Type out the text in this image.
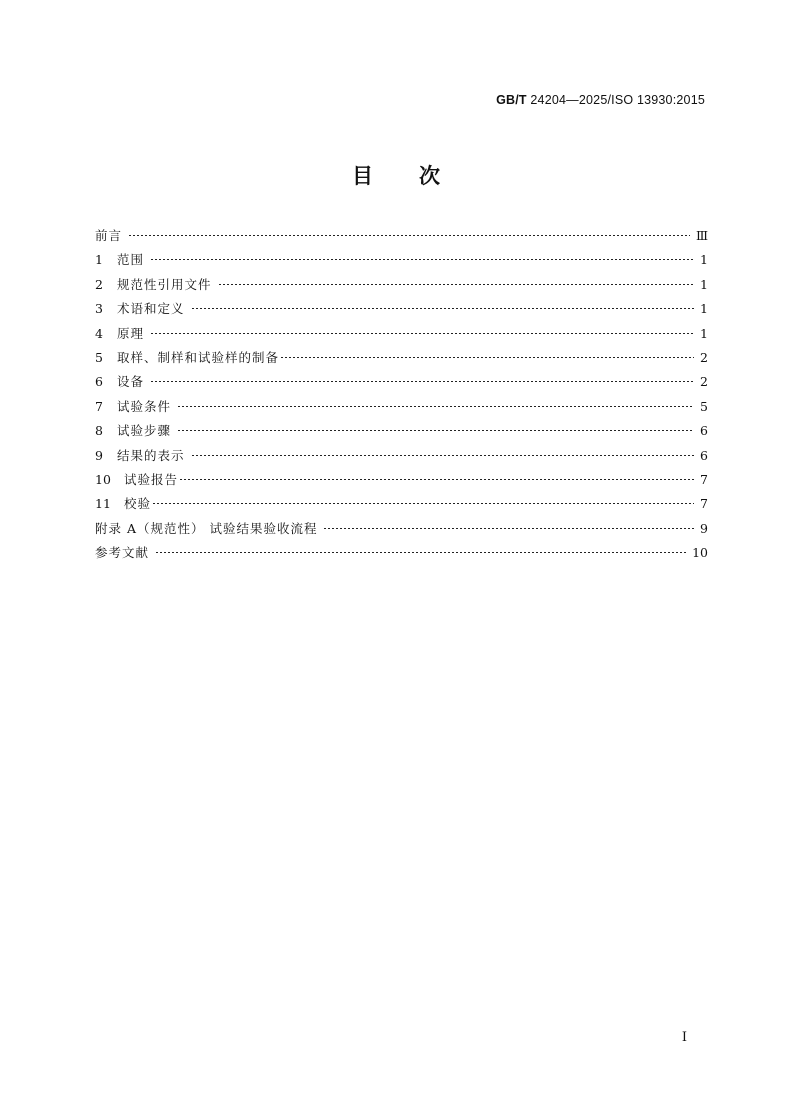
GB/T 24204—2025/ISO 13930:2015
目次
前言	Ⅲ
1	范围	1
2	规范性引用文件	1
3	术语和定义	1
4	原理	1
5	取样、制样和试验样的制备	2
6	设备	2
7	试验条件	5
8	试验步骤	6
9	结果的表示	6
10	试验报告	7
11	校验	7
附录 A（规范性） 试验结果验收流程	9
参考文献	10
I
